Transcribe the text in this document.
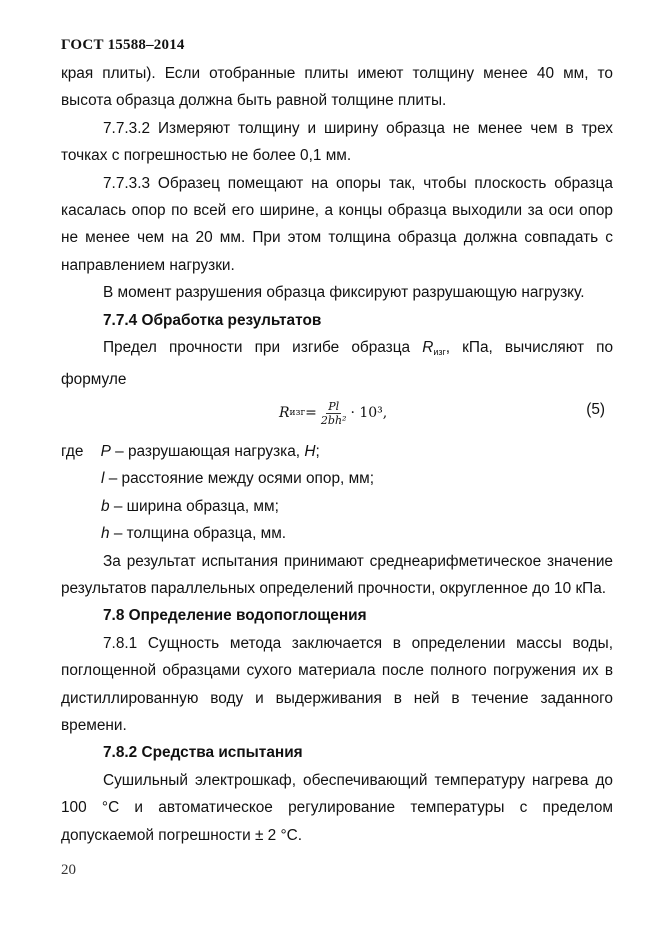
ГОСТ 15588–2014

края плиты). Если отобранные плиты имеют толщину менее 40 мм, то высота образца должна быть равной толщине плиты.

7.7.3.2 Измеряют толщину и ширину образца не менее чем в трех точках с погрешностью не более 0,1 мм.

7.7.3.3 Образец помещают на опоры так, чтобы плоскость образца касалась опор по всей его ширине, а концы образца выходили за оси опор не менее чем на 20 мм. При этом толщина образца должна совпадать с направлением нагрузки.

В момент разрушения образца фиксируют разрушающую нагрузку.

7.7.4 Обработка результатов

Предел прочности при изгибе образца $R_{изг}$, кПа, вычисляют по формуле

R изг = $\frac{Pl}{\text{2bh²}} \cdot 10^3$ ,	(5)

где P – разрушающая нагрузка, Н;

l – расстояние между осями опор, мм;

b – ширина образца, мм;

h – толщина образца, мм.

За результат испытания принимают среднеарифметическое значение результатов параллельных определений прочности, округленное до 10 кПа.

7.8 Определение водопоглощения

7.8.1 Сущность метода заключается в определении массы воды, поглощенной образцами сухого материала после полного погружения их в дистиллированную воду и выдерживания в ней в течение заданного времени.

7.8.2 Средства испытания

Сушильный электрошкаф, обеспечивающий температуру нагрева до 100 °С и автоматическое регулирование температуры с пределом допускаемой погрешности ± 2 °С.

20
